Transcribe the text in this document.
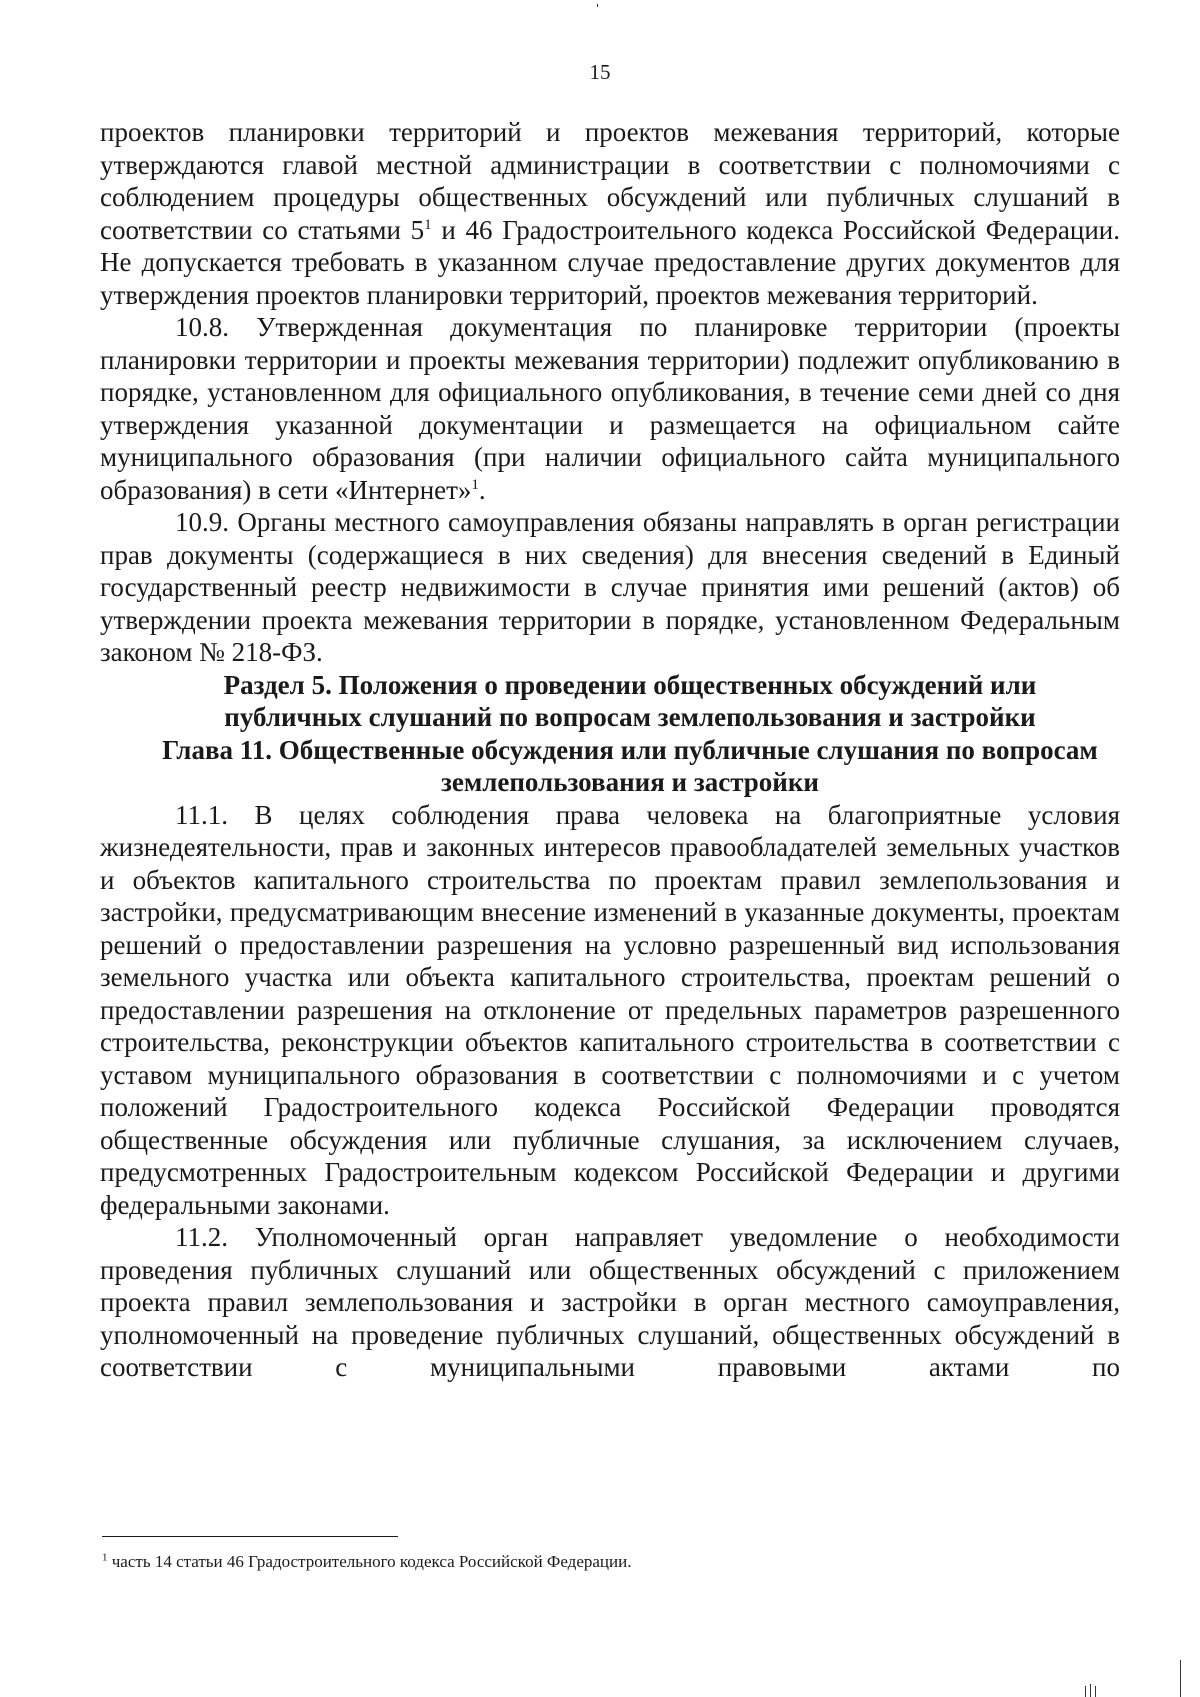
15

проектов планировки территорий и проектов межевания территорий, которые утверждаются главой местной администрации в соответствии с полномочиями с соблюдением процедуры общественных обсуждений или публичных слушаний в соответствии со статьями $5^1$ и 46 Градостроительного кодекса Российской Федерации. Не допускается требовать в указанном случае предоставление других документов для утверждения проектов планировки территорий, проектов межевания территорий.

10.8. Утвержденная документация по планировке территории (проекты планировки территории и проекты межевания территории) подлежит опубликованию в порядке, установленном для официального опубликования, в течение семи дней со дня утверждения указанной документации и размещается на официальном сайте муниципального образования (при наличии официального сайта муниципального образования) в сети «Интернет»$^1$.

10.9. Органы местного самоуправления обязаны направлять в орган регистрации прав документы (содержащиеся в них сведения) для внесения сведений в Единый государственный реестр недвижимости в случае принятия ими решений (актов) об утверждении проекта межевания территории в порядке, установленном Федеральным законом № 218-ФЗ.

Раздел 5. Положения о проведении общественных обсуждений или публичных слушаний по вопросам землепользования и застройки

Глава 11. Общественные обсуждения или публичные слушания по вопросам землепользования и застройки

11.1. В целях соблюдения права человека на благоприятные условия жизнедеятельности, прав и законных интересов правообладателей земельных участков и объектов капитального строительства по проектам правил землепользования и застройки, предусматривающим внесение изменений в указанные документы, проектам решений о предоставлении разрешения на условно разрешенный вид использования земельного участка или объекта капитального строительства, проектам решений о предоставлении разрешения на отклонение от предельных параметров разрешенного строительства, реконструкции объектов капитального строительства в соответствии с уставом муниципального образования в соответствии с полномочиями и с учетом положений Градостроительного кодекса Российской Федерации проводятся общественные обсуждения или публичные слушания, за исключением случаев, предусмотренных Градостроительным кодексом Российской Федерации и другими федеральными законами.

11.2. Уполномоченный орган направляет уведомление о необходимости проведения публичных слушаний или общественных обсуждений с приложением проекта правил землепользования и застройки в орган местного самоуправления, уполномоченный на проведение публичных слушаний, общественных обсуждений в соответствии с муниципальными правовыми актами по

$^1$ часть 14 статьи 46 Градостроительного кодекса Российской Федерации.
